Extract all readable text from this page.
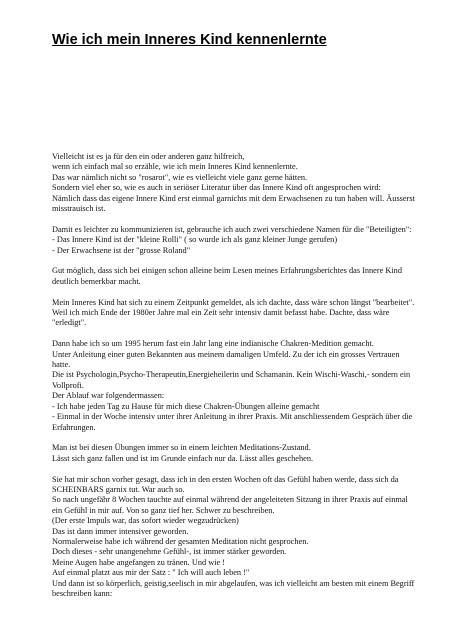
Wie ich mein Inneres Kind kennenlernte
Vielleicht ist es ja für den ein oder anderen ganz hilfreich,
wenn ich einfach mal so erzähle, wie ich mein Inneres Kind kennenlernte.
Das war nämlich nicht so "rosarot", wie es vielleicht viele ganz gerne hätten.
Sondern viel eher so, wie es auch in seriöser Literatur über das Innere Kind oft angesprochen wird:
Nämlich dass das eigene Innere Kind erst einmal garnichts mit dem Erwachsenen zu tun haben will. Äusserst
misstrauisch ist.
Damit es leichter zu kommunizieren ist, gebrauche ich auch zwei verschiedene Namen für die "Beteiligten":
- Das Innere Kind ist der "kleine Rolli" ( so wurde ich als ganz kleiner Junge gerufen)
- Der Erwachsene ist der "grosse Roland"
Gut möglich, dass sich bei einigen schon alleine beim Lesen meines Erfahrungsberichtes das Innere Kind
deutlich bemerkbar macht.
Mein Inneres Kind hat sich zu einem Zeitpunkt gemeldet, als ich dachte, dass wäre schon längst "bearbeitet".
Weil ich mich Ende der 1980er Jahre mal ein Zeit sehr intensiv damit befasst habe. Dachte, dass wäre
"erledigt".
Dann habe ich so um 1995 herum fast ein Jahr lang eine indianische Chakren-Medition gemacht.
Unter Anleitung einer guten Bekannten aus meinem damaligen Umfeld. Zu der ich ein grosses Vertrauen
hatte.
Die ist Psychologin,Psycho-Therapeutin,Energieheilerin und Schamanin. Kein Wischi-Waschi,- sondern ein
Vollprofi.
Der Ablauf war folgendermassen:
- Ich habe jeden Tag zu Hause für mich diese Chakren-Übungen alleine gemacht
- Einmal in der Woche intensiv unter ihrer Anleitung in ihrer Praxis. Mit anschliessendem Gespräch über die
Erfahrungen.
Man ist bei diesen Übungen immer so in einem leichten Meditations-Zustand.
Lässt sich ganz fallen und ist im Grunde einfach nur da. Lässt alles geschehen.
Sie hat mir schon vorher gesagt, dass ich in den ersten Wochen oft das Gefühl haben werde, dass sich da
SCHEINBARS garnix tut. War auch so.
So nach ungefähr 8 Wochen tauchte auf einmal während der angeleiteten Sitzung in ihrer Praxis auf einmal
ein Gefühl in mir auf. Von so ganz tief her. Schwer zu beschreiben.
(Der erste Impuls war, das sofort wieder wegzudrücken)
Das ist dann immer intensiver geworden.
Normalerweise habe ich während der gesamten Meditation nicht gesprochen.
Doch dieses - sehr unangenehme Gefühl-, ist immer stärker geworden.
Meine Augen habe angefangen zu tränen. Und wie !
Auf einmal platzt aus mir der Satz : " Ich will auch leben !"
Und dann ist so körperlich, geistig,seelisch in mir abgelaufen, was ich vielleicht am besten mit einem Begriff
beschreiben kann:
